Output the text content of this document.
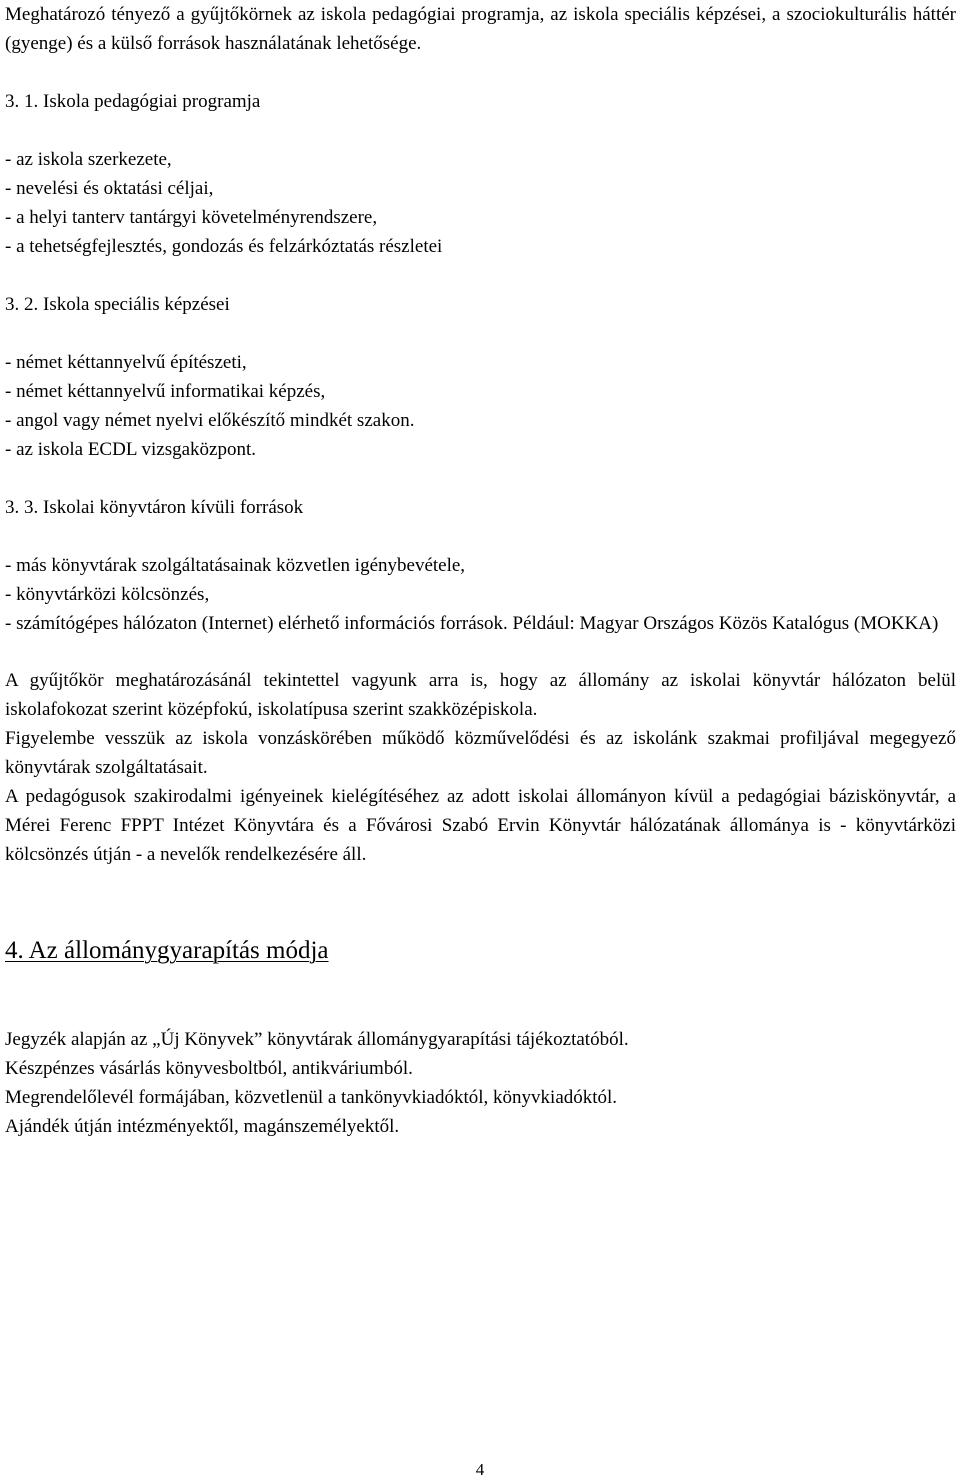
Meghatározó tényező a gyűjtőkörnek az iskola pedagógiai programja, az iskola speciális képzései, a szociokulturális háttér (gyenge) és a külső források használatának lehetősége.

3. 1. Iskola pedagógiai programja

- az iskola szerkezete,

- nevelési és oktatási céljai,

- a helyi tanterv tantárgyi követelményrendszere,

- a tehetségfejlesztés, gondozás és felzárkóztatás részletei

3. 2. Iskola speciális képzései

- német kéttannyelvű építészeti,

- német kéttannyelvű informatikai képzés,

- angol vagy német nyelvi előkészítő mindkét szakon.

- az iskola ECDL vizsgaközpont.

3. 3. Iskolai könyvtáron kívüli források

- más könyvtárak szolgáltatásainak közvetlen igénybevétele,

- könyvtárközi kölcsönzés,

- számítógépes hálózaton (Internet) elérhető információs források. Például: Magyar Országos Közös Katalógus (MOKKA)

A gyűjtőkör meghatározásánál tekintettel vagyunk arra is, hogy az állomány az iskolai könyvtár hálózaton belül iskolafokozat szerint középfokú, iskolatípusa szerint szakközépiskola.

Figyelembe vesszük az iskola vonzáskörében működő közművelődési és az iskolánk szakmai profiljával megegyező könyvtárak szolgáltatásait.

A pedagógusok szakirodalmi igényeinek kielégítéséhez az adott iskolai állományon kívül a pedagógiai báziskönyvtár, a Mérei Ferenc FPPT Intézet Könyvtára és a Fővárosi Szabó Ervin Könyvtár hálózatának állománya is - könyvtárközi kölcsönzés útján - a nevelők rendelkezésére áll.

4. Az állománygyarapítás módja

Jegyzék alapján az „Új Könyvek” könyvtárak állománygyarapítási tájékoztatóból.

Készpénzes vásárlás könyvesboltból, antikváriumból.

Megrendelőlevél formájában, közvetlenül a tankönyvkiadóktól, könyvkiadóktól.

Ajándék útján intézményektől, magánszemélyektől.

4
